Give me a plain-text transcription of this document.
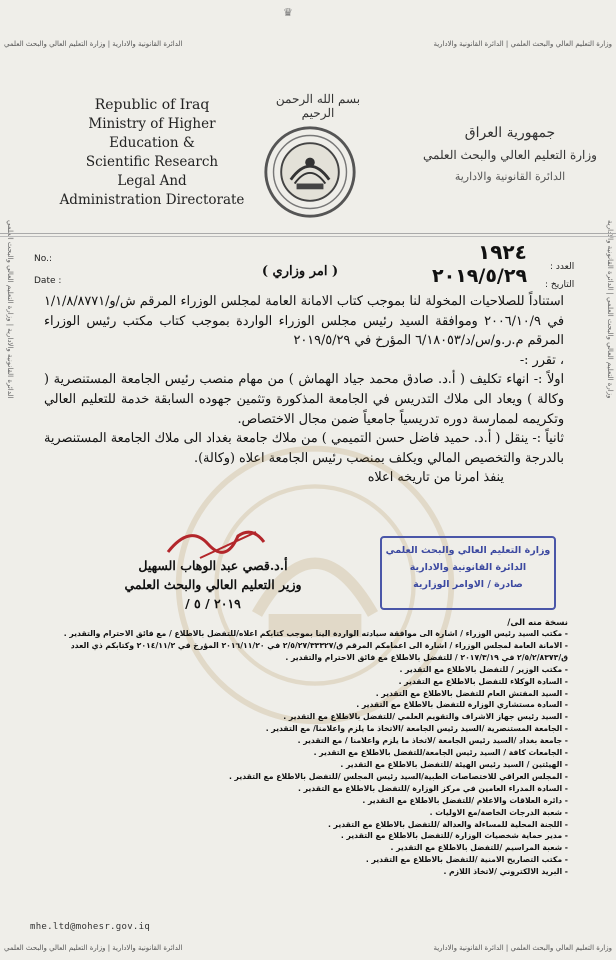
♛
وزارة التعليم العالي والبحث العلمي | الدائرة القانونية والادارية
الدائرة القانونية والادارية | وزارة التعليم العالي والبحث العلمي
الدائرة القانونية والادارية | وزارة التعليم العالي والبحث العلمي	وزارة التعليم العالي والبحث العلمي | الدائرة القانونية والادارية
Republic of Iraq
Ministry of Higher Education &
Scientific Research
Legal And
Administration Directorate
بسم الله الرحمن الرحيم
جمهورية العراق
وزارة التعليم العالي والبحث العلمي
الدائرة القانونية والادارية
No.:
Date :
العدد :
التاريخ :
١٩٢٤
٢٠١٩/٥/٢٩
( امر وزاري )

استناداً للصلاحيات المخولة لنا بموجب كتاب الامانة العامة لمجلس الوزراء المرقم ش/و/١/١/٨/٨٧٧١ في ٢٠٠٦/١٠/٩ وموافقة السيد رئيس مجلس الوزراء الواردة بموجب كتاب مكتب رئيس الوزراء المرقم م.ر.و/س/د/٦/١٨٠٥٣ المؤرخ في ٢٠١٩/٥/٢٩

، تقرر :-

اولاً :- انهاء تكليف ( أ.د. صادق محمد جياد الهماش ) من مهام منصب رئيس الجامعة المستنصرية ( وكالة ) ويعاد الى ملاك التدريس في الجامعة المذكورة وتثمين جهوده السابقة خدمة للتعليم العالي وتكريمه لممارسة دوره تدريسياً جامعياً ضمن مجال الاختصاص.

ثانياً :- ينقل ( أ.د. حميد فاضل حسن التميمي ) من ملاك جامعة بغداد الى ملاك الجامعة المستنصرية بالدرجة والتخصيص المالي ويكلف بمنصب رئيس الجامعة اعلاه (وكالة).

ينفذ امرنا من تاريخه اعلاه

أ.د.قصي عبد الوهاب السهيل
وزير التعليم العالي والبحث العلمي
٢٠١٩ / ٥ /
وزارة التعليم العالي والبحث العلمي
الدائرة القانونية والادارية
صادرة / الاوامر الوزارية
نسخة منه الى/
- مكتب السيد رئيس الوزراء / اشارة الى موافقة سيادته الواردة الينا بموجب كتابكم اعلاه/للتفضل بالاطلاع / مع فائق الاحترام والتقدير .
- الامانة العامة لمجلس الوزراء / اشارة الى اعمامكم المرقم ق/٢/٥/٢٧/٣٣٣٢٧ في ٢٠١٦/١١/٢٠ المؤرخ في ٢٠١٤/١١/٢ وكتابكم ذي العدد
ق/٢/٥/٢/٨٣٧٣ في ٢٠١٧/٣/١٩ / للتفضل بالاطلاع مع فائق الاحترام والتقدير .
- مكتب الوزير / للتفضل بالاطلاع مع التقدير .
- السادة الوكلاء للتفضل بالاطلاع مع التقدير .
- السيد المفتش العام للتفضل بالاطلاع مع التقدير .
- السادة مستشاري الوزارة للتفضل بالاطلاع مع التقدير .
- السيد رئيس جهاز الاشراف والتقويم العلمي /للتفضل بالاطلاع مع التقدير .
- الجامعة المستنصرية /السيد رئيس الجامعة /الاتخاذ ما يلزم واعلامنا/ مع التقدير .
- جامعة بغداد /السيد رئيس الجامعة /لاتخاذ ما يلزم واعلامنا / مع التقدير .
- الجامعات كافة / السيد رئيس الجامعة/للتفضل بالاطلاع مع التقدير .
- الهيئتين / السيد رئيس الهيئة /للتفضل بالاطلاع مع التقدير .
- المجلس العراقي للاختصاصات الطبية/السيد رئيس المجلس /للتفضل بالاطلاع مع التقدير .
- السادة المدراء العامين في مركز الوزارة /للتفضل بالاطلاع مع التقدير .
- دائرة العلاقات والاعلام /للتفضل بالاطلاع مع التقدير .
- شعبة الدرجات الخاصة/مع الاوليات .
- اللجنة المحلية للمساءلة والعدالة /للتفضل بالاطلاع مع التقدير .
- مدير حماية شخصيات الوزارة /للتفضل بالاطلاع مع التقدير .
- شعبة المراسيم /للتفضل بالاطلاع مع التقدير .
- مكتب التصاريح الامنية /للتفضل بالاطلاع مع التقدير .
- البريد الالكتروني /لاتخاذ اللازم .
mhe.ltd@mohesr.gov.iq
وزارة التعليم العالي والبحث العلمي | الدائرة القانونية والادارية
الدائرة القانونية والادارية | وزارة التعليم العالي والبحث العلمي
